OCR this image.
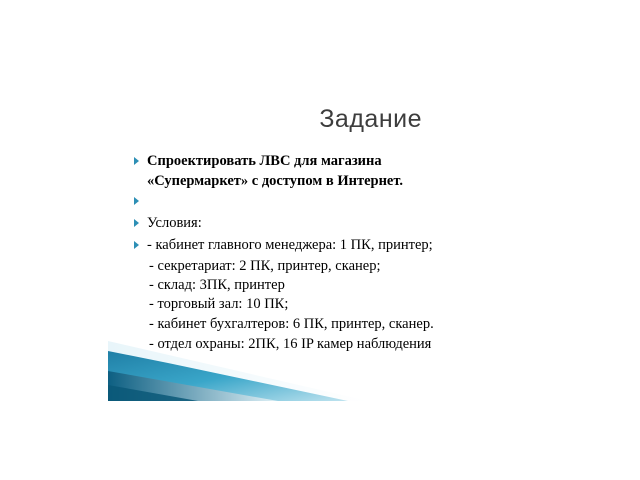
Задание
Спроектировать ЛВС для магазина
«Супермаркет» с доступом в Интернет.
Условия:
- кабинет главного менеджера: 1 ПК, принтер;
- секретариат: 2 ПК, принтер, сканер;
- склад: 3ПК, принтер
- торговый зал: 10 ПК;
- кабинет бухгалтеров: 6 ПК, принтер, сканер.
- отдел охраны: 2ПК, 16 IP камер наблюдения
